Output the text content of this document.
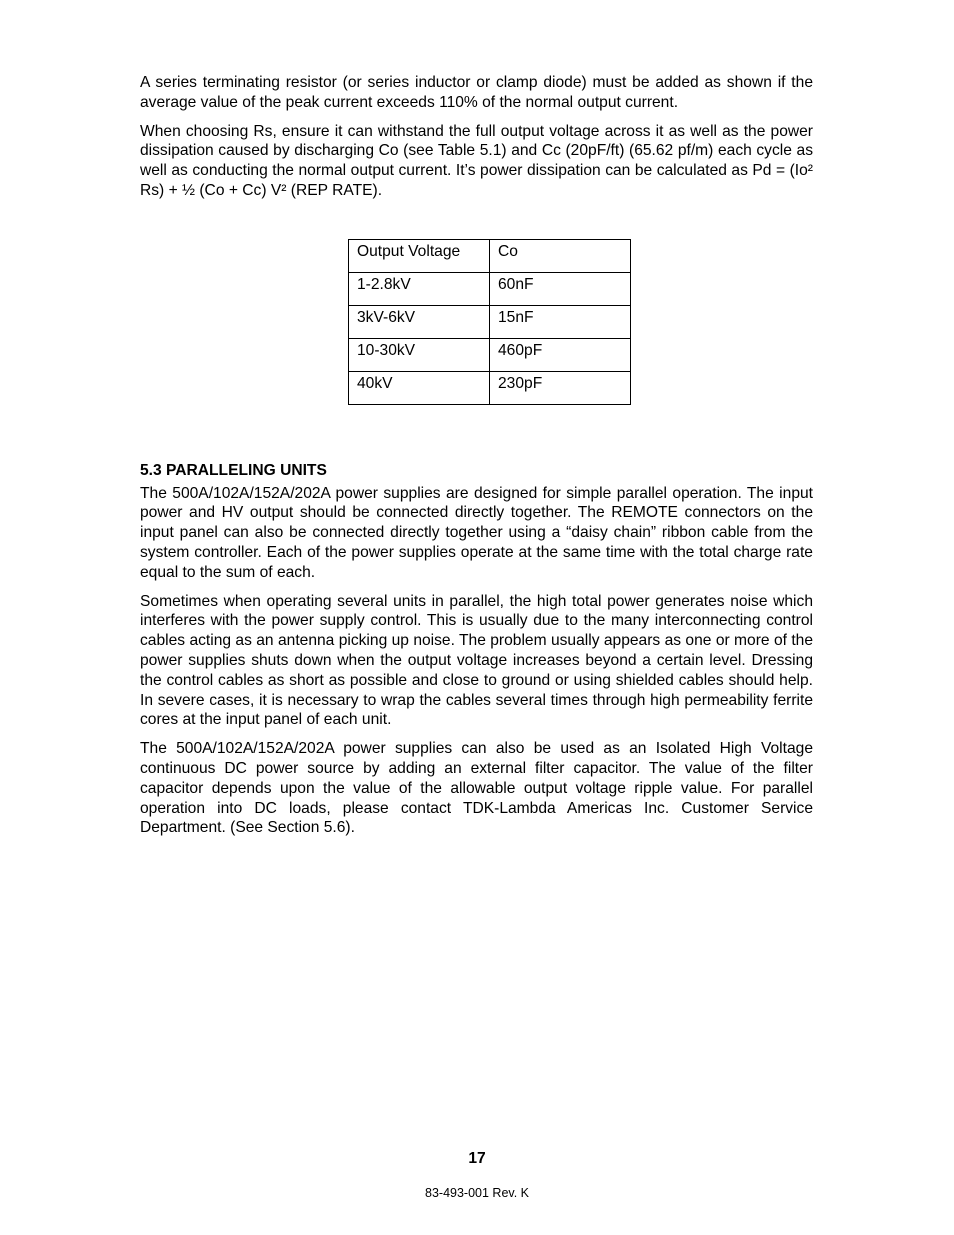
A series terminating resistor (or series inductor or clamp diode) must be added as shown if the average value of the peak current exceeds 110% of the normal output current.

When choosing Rs, ensure it can withstand the full output voltage across it as well as the power dissipation caused by discharging Co (see Table 5.1) and Cc (20pF/ft) (65.62 pf/m) each cycle as well as conducting the normal output current. It’s power dissipation can be calculated as Pd = (Io² Rs) + ½ (Co + Cc) V² (REP RATE).

Output Voltage	Co
1-2.8kV	60nF
3kV-6kV	15nF
10-30kV	460pF
40kV	230pF
5.3 PARALLELING UNITS

The 500A/102A/152A/202A power supplies are designed for simple parallel operation. The input power and HV output should be connected directly together. The REMOTE connectors on the input panel can also be connected directly together using a “daisy chain” ribbon cable from the system controller. Each of the power supplies operate at the same time with the total charge rate equal to the sum of each.

Sometimes when operating several units in parallel, the high total power generates noise which interferes with the power supply control. This is usually due to the many interconnecting control cables acting as an antenna picking up noise. The problem usually appears as one or more of the power supplies shuts down when the output voltage increases beyond a certain level. Dressing the control cables as short as possible and close to ground or using shielded cables should help. In severe cases, it is necessary to wrap the cables several times through high permeability ferrite cores at the input panel of each unit.

The 500A/102A/152A/202A power supplies can also be used as an Isolated High Voltage continuous DC power source by adding an external filter capacitor. The value of the filter capacitor depends upon the value of the allowable output voltage ripple value. For parallel operation into DC loads, please contact TDK-Lambda Americas Inc. Customer Service Department. (See Section 5.6).

17
83-493-001 Rev. K
